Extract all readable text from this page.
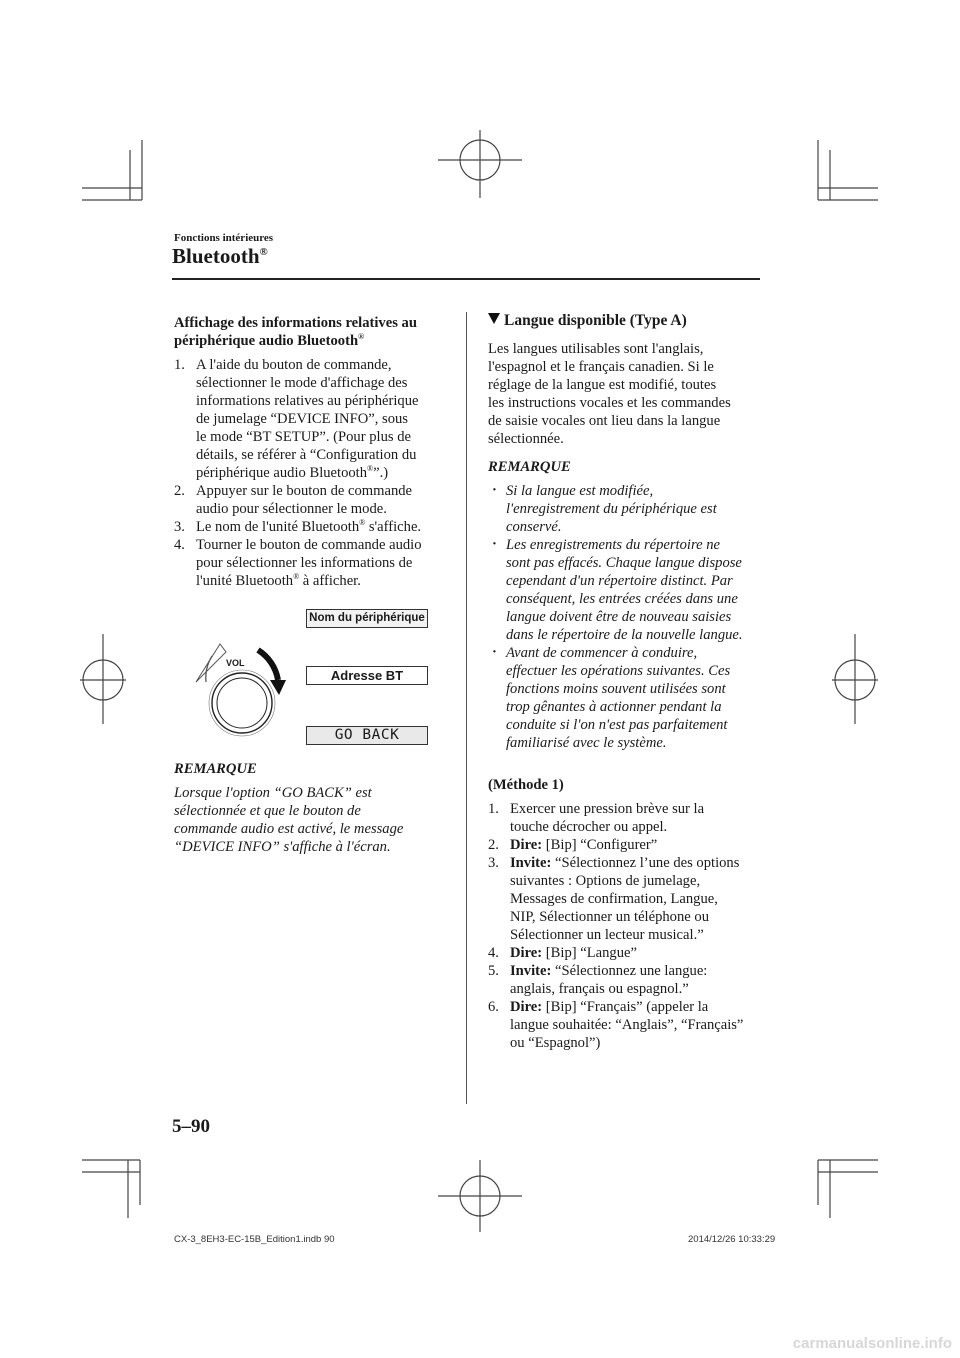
Fonctions intérieures
Bluetooth®

Affichage des informations relatives au
périphérique audio Bluetooth®

1. A l'aide du bouton de commande,
sélectionner le mode d'affichage des
informations relatives au périphérique
de jumelage “DEVICE INFO”, sous
le mode “BT SETUP”. (Pour plus de
détails, se référer à “Configuration du
périphérique audio Bluetooth®”.)
2. Appuyer sur le bouton de commande
audio pour sélectionner le mode.
3. Le nom de l'unité Bluetooth® s'affiche.
4. Tourner le bouton de commande audio
pour sélectionner les informations de
l'unité Bluetooth® à afficher.
VOL
Nom du périphérique
Adresse BT
GO BACK

REMARQUE

Lorsque l'option “GO BACK” est
sélectionnée et que le bouton de
commande audio est activé, le message
“DEVICE INFO” s'affiche à l'écran.

Langue disponible (Type A)

Les langues utilisables sont l'anglais,
l'espagnol et le français canadien. Si le
réglage de la langue est modifié, toutes
les instructions vocales et les commandes
de saisie vocales ont lieu dans la langue
sélectionnée.

REMARQUE

· Si la langue est modifiée,
l'enregistrement du périphérique est
conservé.
· Les enregistrements du répertoire ne
sont pas effacés. Chaque langue dispose
cependant d'un répertoire distinct. Par
conséquent, les entrées créées dans une
langue doivent être de nouveau saisies
dans le répertoire de la nouvelle langue.
· Avant de commencer à conduire,
effectuer les opérations suivantes. Ces
fonctions moins souvent utilisées sont
trop gênantes à actionner pendant la
conduite si l'on n'est pas parfaitement
familiarisé avec le système.

(Méthode 1)

1. Exercer une pression brève sur la
touche décrocher ou appel.
2. Dire: [Bip] “Configurer”
3. Invite: “Sélectionnez l’une des options
suivantes : Options de jumelage,
Messages de confirmation, Langue,
NIP, Sélectionner un téléphone ou
Sélectionner un lecteur musical.”
4. Dire: [Bip] “Langue”
5. Invite: “Sélectionnez une langue:
anglais, français ou espagnol.”
6. Dire: [Bip] “Français” (appeler la
langue souhaitée: “Anglais”, “Français”
ou “Espagnol”)
5–90
CX-3_8EH3-EC-15B_Edition1.indb 90	2014/12/26 10:33:29
carmanualsonline.info
